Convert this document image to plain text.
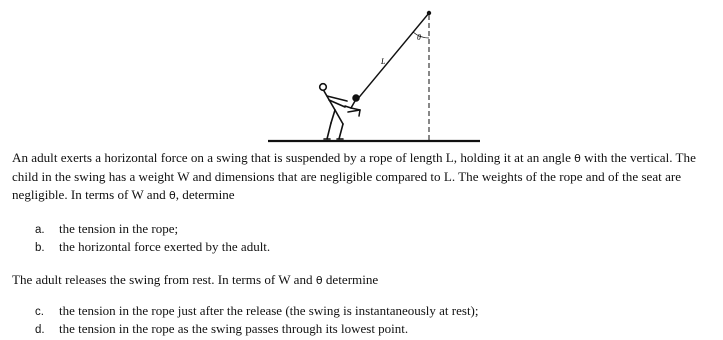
θ
L

An adult exerts a horizontal force on a swing that is suspended by a rope of length L, holding it at an angle θ with the vertical. The child in the swing has a weight W and dimensions that are negligible compared to L. The weights of the rope and of the seat are negligible. In terms of W and θ, determine

a. the tension in the rope;
b. the horizontal force exerted by the adult.

The adult releases the swing from rest. In terms of W and θ determine

c. the tension in the rope just after the release (the swing is instantaneously at rest);
d. the tension in the rope as the swing passes through its lowest point.
